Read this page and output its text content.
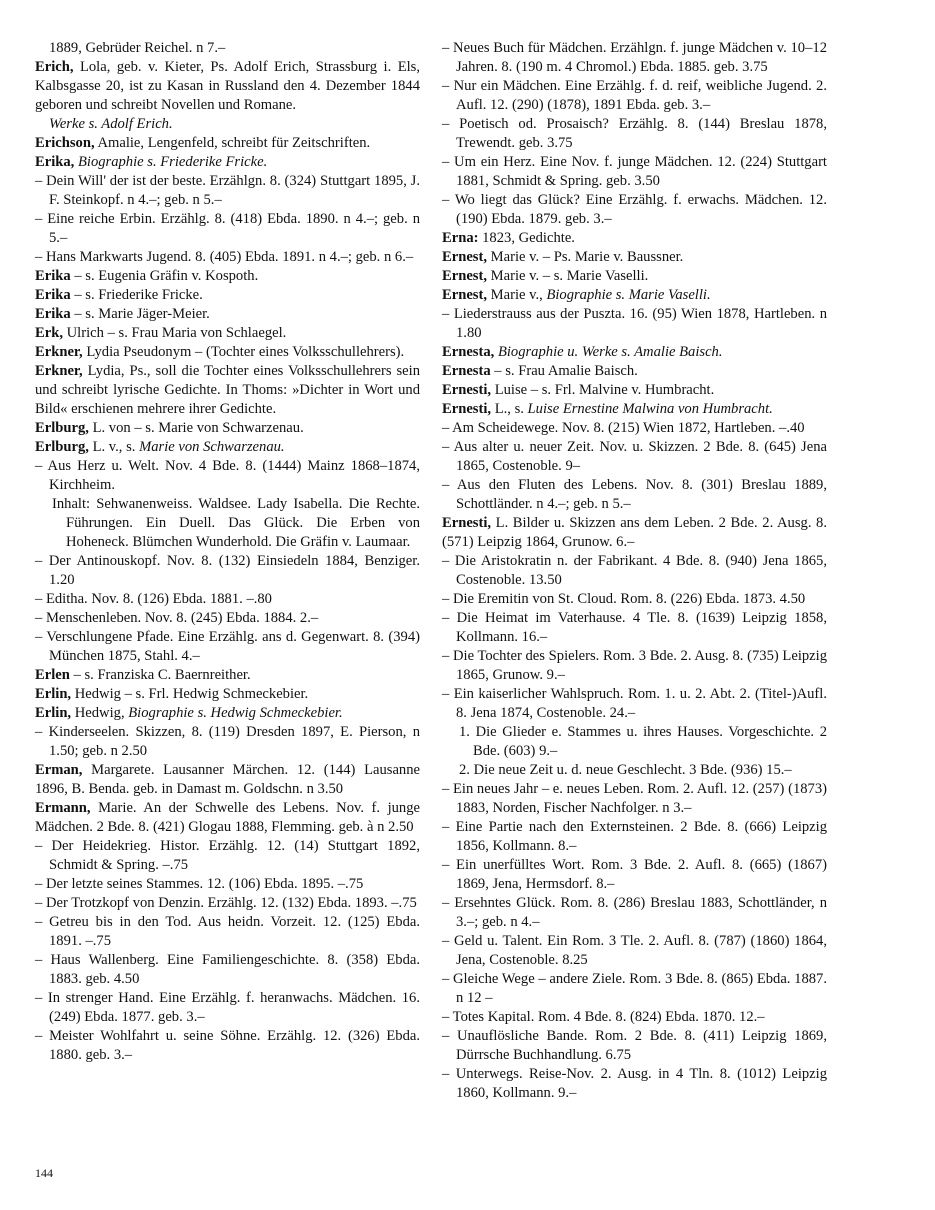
1889, Gebrüder Reichel. n 7.–
Erich, Lola, geb. v. Kieter, Ps. Adolf Erich, Strassburg i. Els, Kalbsgasse 20, ist zu Kasan in Russland den 4. Dezember 1844 geboren und schreibt Novellen und Romane.
Werke s. Adolf Erich.
Erichson, Amalie, Lengenfeld, schreibt für Zeitschriften.
Erika, Biographie s. Friederike Fricke.
– Dein Will' der ist der beste. Erzählgn. 8. (324) Stuttgart 1895, J. F. Steinkopf. n 4.–; geb. n 5.–
– Eine reiche Erbin. Erzählg. 8. (418) Ebda. 1890. n 4.–; geb. n 5.–
– Hans Markwarts Jugend. 8. (405) Ebda. 1891. n 4.–; geb. n 6.–
Erika – s. Eugenia Gräfin v. Kospoth.
Erika – s. Friederike Fricke.
Erika – s. Marie Jäger-Meier.
Erk, Ulrich – s. Frau Maria von Schlaegel.
Erkner, Lydia Pseudonym – (Tochter eines Volksschullehrers).
Erkner, Lydia, Ps., soll die Tochter eines Volksschullehrers sein und schreibt lyrische Gedichte. In Thoms: »Dichter in Wort und Bild« erschienen mehrere ihrer Gedichte.
Erlburg, L. von – s. Marie von Schwarzenau.
Erlburg, L. v., s. Marie von Schwarzenau.
– Aus Herz u. Welt. Nov. 4 Bde. 8. (1444) Mainz 1868–1874, Kirchheim.
Inhalt: Sehwanenweiss. Waldsee. Lady Isabella. Die Rechte. Führungen. Ein Duell. Das Glück. Die Erben von Hoheneck. Blümchen Wunderhold. Die Gräfin v. Laumaar.
– Der Antinouskopf. Nov. 8. (132) Einsiedeln 1884, Benziger. 1.20
– Editha. Nov. 8. (126) Ebda. 1881. –.80
– Menschenleben. Nov. 8. (245) Ebda. 1884. 2.–
– Verschlungene Pfade. Eine Erzählg. ans d. Gegenwart. 8. (394) München 1875, Stahl. 4.–
Erlen – s. Franziska C. Baernreither.
Erlin, Hedwig – s. Frl. Hedwig Schmeckebier.
Erlin, Hedwig, Biographie s. Hedwig Schmeckebier.
– Kinderseelen. Skizzen, 8. (119) Dresden 1897, E. Pierson, n 1.50; geb. n 2.50
Erman, Margarete. Lausanner Märchen. 12. (144) Lausanne 1896, B. Benda. geb. in Damast m. Goldschn. n 3.50
Ermann, Marie. An der Schwelle des Lebens. Nov. f. junge Mädchen. 2 Bde. 8. (421) Glogau 1888, Flemming. geb. à n 2.50
– Der Heidekrieg. Histor. Erzählg. 12. (14) Stuttgart 1892, Schmidt & Spring. –.75
– Der letzte seines Stammes. 12. (106) Ebda. 1895. –.75
– Der Trotzkopf von Denzin. Erzählg. 12. (132) Ebda. 1893. –.75
– Getreu bis in den Tod. Aus heidn. Vorzeit. 12. (125) Ebda. 1891. –.75
– Haus Wallenberg. Eine Familiengeschichte. 8. (358) Ebda. 1883. geb. 4.50
– In strenger Hand. Eine Erzählg. f. heranwachs. Mädchen. 16. (249) Ebda. 1877. geb. 3.–
– Meister Wohlfahrt u. seine Söhne. Erzählg. 12. (326) Ebda. 1880. geb. 3.–
– Neues Buch für Mädchen. Erzählgn. f. junge Mädchen v. 10–12 Jahren. 8. (190 m. 4 Chromol.) Ebda. 1885. geb. 3.75
– Nur ein Mädchen. Eine Erzählg. f. d. reif, weibliche Jugend. 2. Aufl. 12. (290) (1878), 1891 Ebda. geb. 3.–
– Poetisch od. Prosaisch? Erzählg. 8. (144) Breslau 1878, Trewendt. geb. 3.75
– Um ein Herz. Eine Nov. f. junge Mädchen. 12. (224) Stuttgart 1881, Schmidt & Spring. geb. 3.50
– Wo liegt das Glück? Eine Erzählg. f. erwachs. Mädchen. 12. (190) Ebda. 1879. geb. 3.–
Erna: 1823, Gedichte.
Ernest, Marie v. – Ps. Marie v. Baussner.
Ernest, Marie v. – s. Marie Vaselli.
Ernest, Marie v., Biographie s. Marie Vaselli.
– Liederstrauss aus der Puszta. 16. (95) Wien 1878, Hartleben. n 1.80
Ernesta, Biographie u. Werke s. Amalie Baisch.
Ernesta – s. Frau Amalie Baisch.
Ernesti, Luise – s. Frl. Malvine v. Humbracht.
Ernesti, L., s. Luise Ernestine Malwina von Humbracht.
– Am Scheidewege. Nov. 8. (215) Wien 1872, Hartleben. –.40
– Aus alter u. neuer Zeit. Nov. u. Skizzen. 2 Bde. 8. (645) Jena 1865, Costenoble. 9–
– Aus den Fluten des Lebens. Nov. 8. (301) Breslau 1889, Schottländer. n 4.–; geb. n 5.–
Ernesti, L. Bilder u. Skizzen ans dem Leben. 2 Bde. 2. Ausg. 8. (571) Leipzig 1864, Grunow. 6.–
– Die Aristokratin n. der Fabrikant. 4 Bde. 8. (940) Jena 1865, Costenoble. 13.50
– Die Eremitin von St. Cloud. Rom. 8. (226) Ebda. 1873. 4.50
– Die Heimat im Vaterhause. 4 Tle. 8. (1639) Leipzig 1858, Kollmann. 16.–
– Die Tochter des Spielers. Rom. 3 Bde. 2. Ausg. 8. (735) Leipzig 1865, Grunow. 9.–
– Ein kaiserlicher Wahlspruch. Rom. 1. u. 2. Abt. 2. (Titel-)Aufl. 8. Jena 1874, Costenoble. 24.–
1. Die Glieder e. Stammes u. ihres Hauses. Vorgeschichte. 2 Bde. (603) 9.–
2. Die neue Zeit u. d. neue Geschlecht. 3 Bde. (936) 15.–
– Ein neues Jahr – e. neues Leben. Rom. 2. Aufl. 12. (257) (1873) 1883, Norden, Fischer Nachfolger. n 3.–
– Eine Partie nach den Externsteinen. 2 Bde. 8. (666) Leipzig 1856, Kollmann. 8.–
– Ein unerfülltes Wort. Rom. 3 Bde. 2. Aufl. 8. (665) (1867) 1869, Jena, Hermsdorf. 8.–
– Ersehntes Glück. Rom. 8. (286) Breslau 1883, Schottländer, n 3.–; geb. n 4.–
– Geld u. Talent. Ein Rom. 3 Tle. 2. Aufl. 8. (787) (1860) 1864, Jena, Costenoble. 8.25
– Gleiche Wege – andere Ziele. Rom. 3 Bde. 8. (865) Ebda. 1887. n 12 –
– Totes Kapital. Rom. 4 Bde. 8. (824) Ebda. 1870. 12.–
– Unauflösliche Bande. Rom. 2 Bde. 8. (411) Leipzig 1869, Dürrsche Buchhandlung. 6.75
– Unterwegs. Reise-Nov. 2. Ausg. in 4 Tln. 8. (1012) Leipzig 1860, Kollmann. 9.–
144
